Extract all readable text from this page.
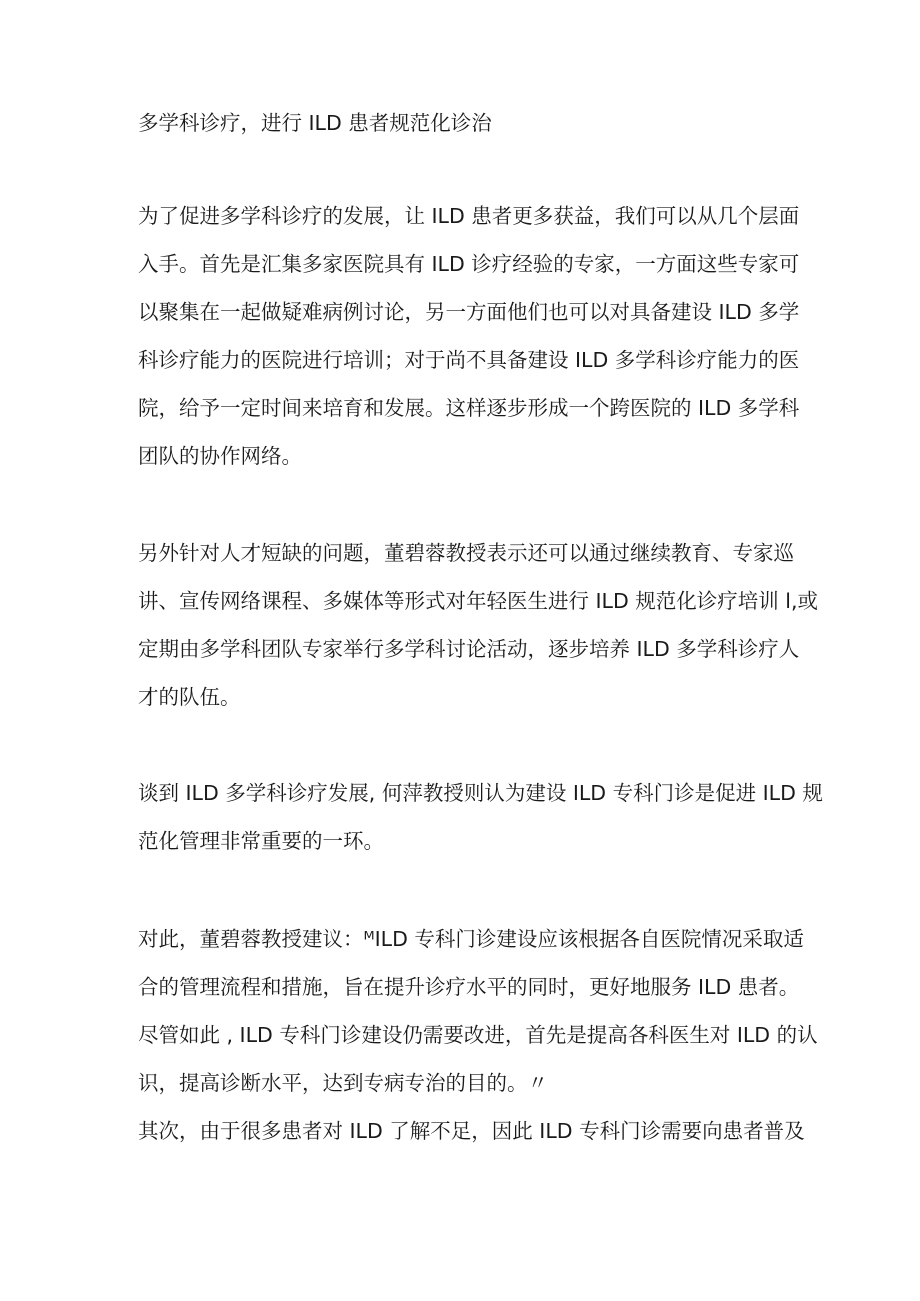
多学科诊疗，进行 ILD 患者规范化诊治
为了促进多学科诊疗的发展，让 ILD 患者更多获益，我们可以从几个层面
入手。首先是汇集多家医院具有 ILD 诊疗经验的专家，一方面这些专家可
以聚集在一起做疑难病例讨论，另一方面他们也可以对具备建设 ILD 多学
科诊疗能力的医院进行培训；对于尚不具备建设 ILD 多学科诊疗能力的医
院，给予一定时间来培育和发展。这样逐步形成一个跨医院的 ILD 多学科
团队的协作网络。
另外针对人才短缺的问题，董碧蓉教授表示还可以通过继续教育、专家巡
讲、宣传网络课程、多媒体等形式对年轻医生进行 ILD 规范化诊疗培训 l,或
定期由多学科团队专家举行多学科讨论活动，逐步培养 ILD 多学科诊疗人
才的队伍。
谈到 ILD 多学科诊疗发展, 何萍教授则认为建设 ILD 专科门诊是促进 ILD 规
范化管理非常重要的一环。
对此，董碧蓉教授建议：ᴹILD 专科门诊建设应该根据各自医院情况采取适
合的管理流程和措施，旨在提升诊疗水平的同时，更好地服务 ILD 患者。
尽管如此 , ILD 专科门诊建设仍需要改进，首先是提高各科医生对 ILD 的认
识，提高诊断水平，达到专病专治的目的。〃
其次，由于很多患者对 ILD 了解不足，因此 ILD 专科门诊需要向患者普及
